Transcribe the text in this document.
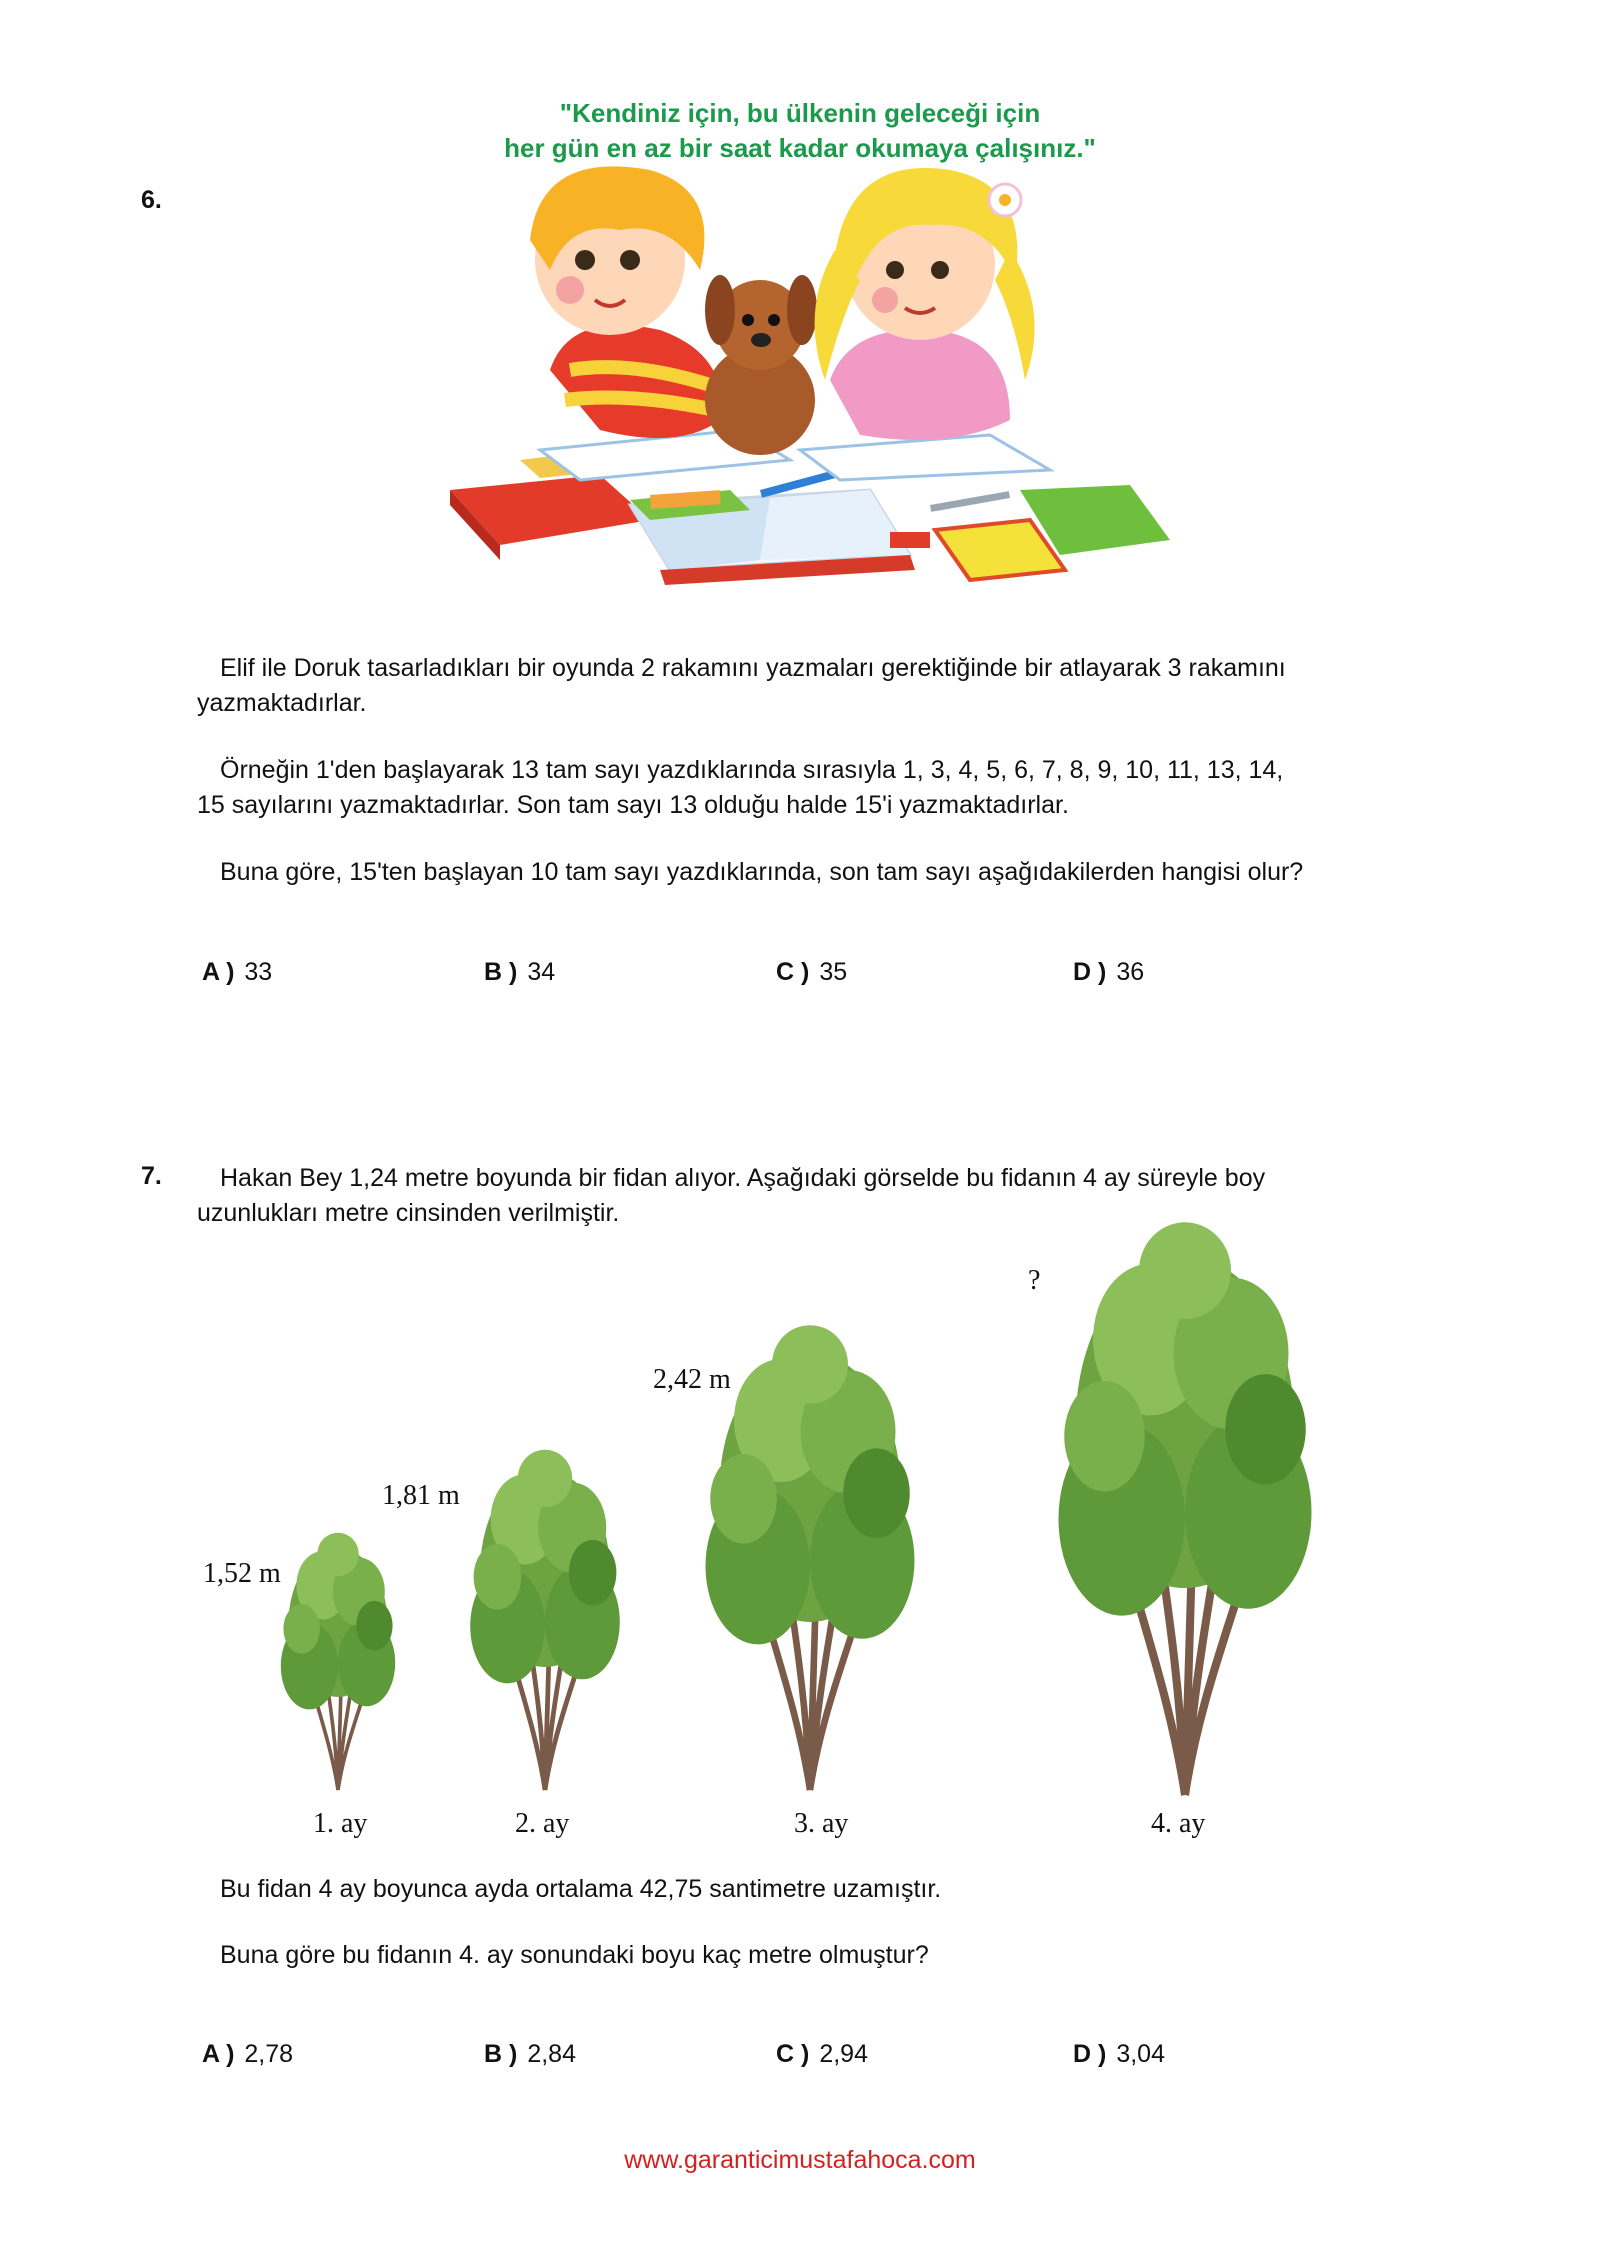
"Kendiniz için, bu ülkenin geleceği için
her gün en az bir saat kadar okumaya çalışınız."
6.
Elif ile Doruk tasarladıkları bir oyunda 2 rakamını yazmaları gerektiğinde bir atlayarak 3 rakamını
yazmaktadırlar.
Örneğin 1'den başlayarak 13 tam sayı yazdıklarında sırasıyla 1, 3, 4, 5, 6, 7, 8, 9, 10, 11, 13, 14,
15 sayılarını yazmaktadırlar. Son tam sayı 13 olduğu halde 15'i yazmaktadırlar.
Buna göre, 15'ten başlayan 10 tam sayı yazdıklarında, son tam sayı aşağıdakilerden hangisi olur?
A ) 33	B ) 34	C ) 35	D ) 36
7. Hakan Bey 1,24 metre boyunda bir fidan alıyor. Aşağıdaki görselde bu fidanın 4 ay süreyle boy
uzunlukları metre cinsinden verilmiştir.
1,52 m
1,81 m
2,42 m
?
1. ay	2. ay	3. ay	4. ay
Bu fidan 4 ay boyunca ayda ortalama 42,75 santimetre uzamıştır.
Buna göre bu fidanın 4. ay sonundaki boyu kaç metre olmuştur?
A ) 2,78	B ) 2,84	C ) 2,94	D ) 3,04
www.garanticimustafahoca.com
